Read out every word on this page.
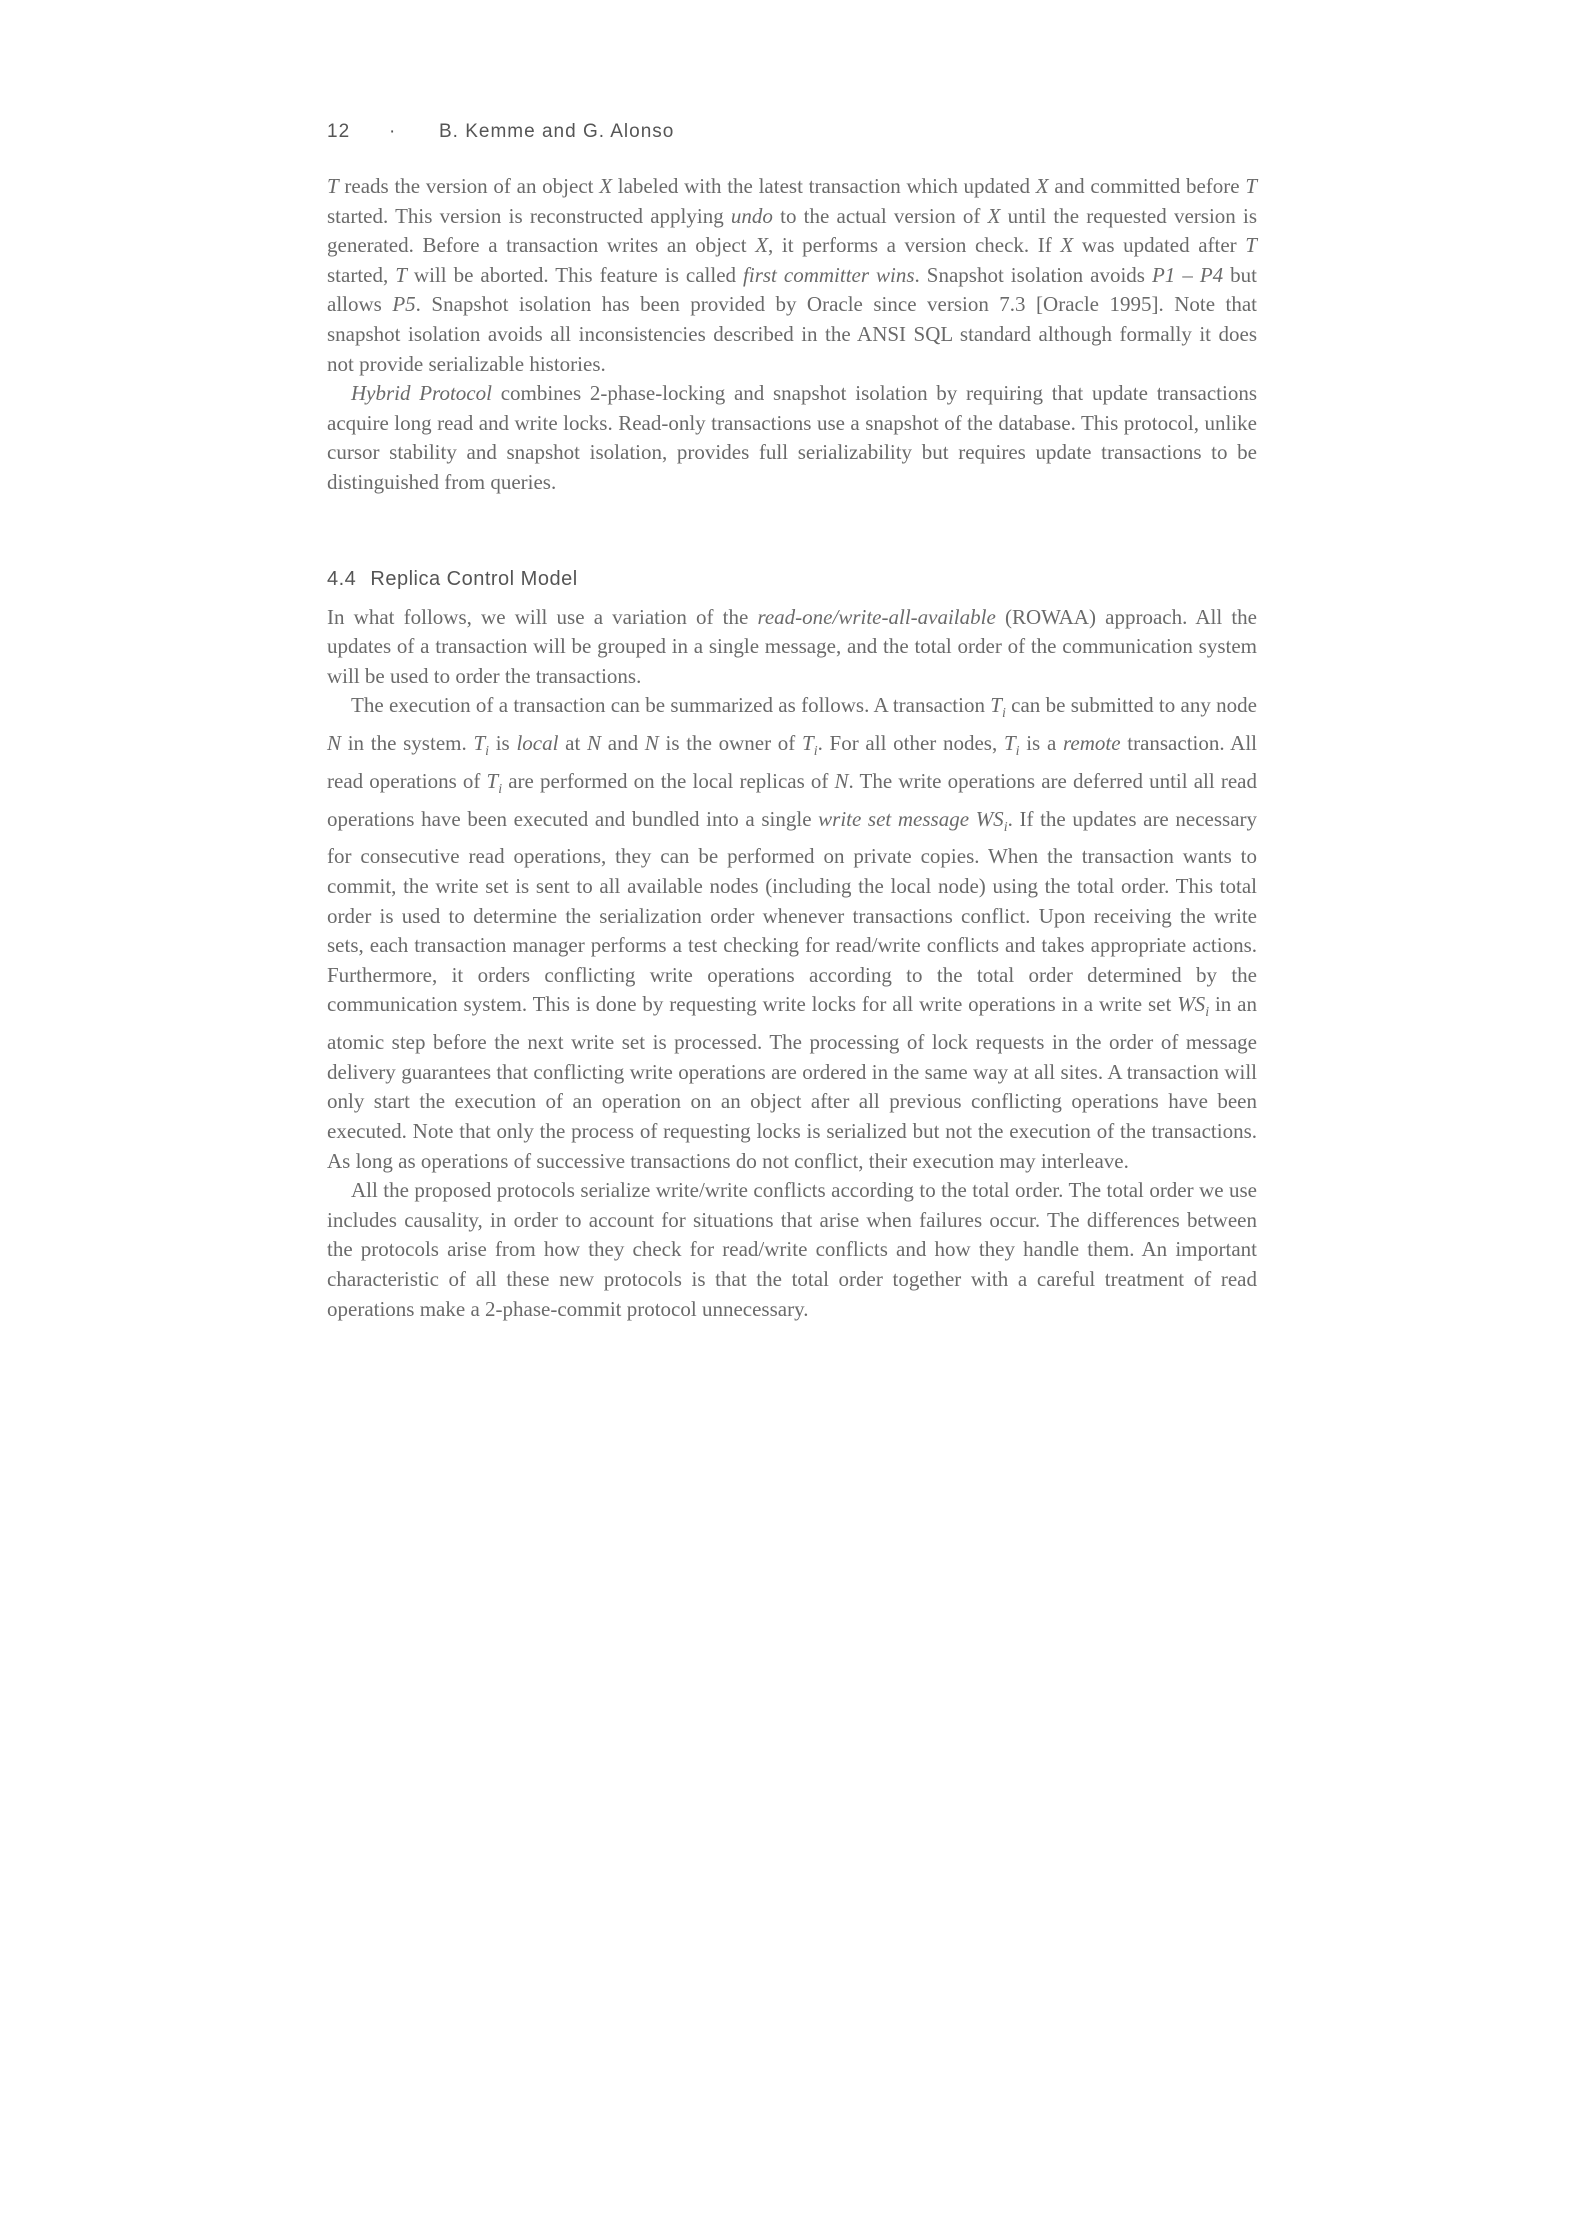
12	·	B. Kemme and G. Alonso

T reads the version of an object X labeled with the latest transaction which updated X and committed before T started. This version is reconstructed applying undo to the actual version of X until the requested version is generated. Before a transaction writes an object X, it performs a version check. If X was updated after T started, T will be aborted. This feature is called first committer wins. Snapshot isolation avoids P1 – P4 but allows P5. Snapshot isolation has been provided by Oracle since version 7.3 [Oracle 1995]. Note that snapshot isolation avoids all inconsistencies described in the ANSI SQL standard although formally it does not provide serializable histories.

Hybrid Protocol combines 2-phase-locking and snapshot isolation by requiring that update transactions acquire long read and write locks. Read-only transactions use a snapshot of the database. This protocol, unlike cursor stability and snapshot isolation, provides full serializability but requires update transactions to be distinguished from queries.

4.4 Replica Control Model

In what follows, we will use a variation of the read-one/write-all-available (ROWAA) approach. All the updates of a transaction will be grouped in a single message, and the total order of the communication system will be used to order the transactions.

The execution of a transaction can be summarized as follows. A transaction $T_i$ can be submitted to any node N in the system. $T_i$ is local at N and N is the owner of $T_i$. For all other nodes, $T_i$ is a remote transaction. All read operations of $T_i$ are performed on the local replicas of N. The write operations are deferred until all read operations have been executed and bundled into a single write set message $WS_i$. If the updates are necessary for consecutive read operations, they can be performed on private copies. When the transaction wants to commit, the write set is sent to all available nodes (including the local node) using the total order. This total order is used to determine the serialization order whenever transactions conflict. Upon receiving the write sets, each transaction manager performs a test checking for read/write conflicts and takes appropriate actions. Furthermore, it orders conflicting write operations according to the total order determined by the communication system. This is done by requesting write locks for all write operations in a write set $WS_i$ in an atomic step before the next write set is processed. The processing of lock requests in the order of message delivery guarantees that conflicting write operations are ordered in the same way at all sites. A transaction will only start the execution of an operation on an object after all previous conflicting operations have been executed. Note that only the process of requesting locks is serialized but not the execution of the transactions. As long as operations of successive transactions do not conflict, their execution may interleave.

All the proposed protocols serialize write/write conflicts according to the total order. The total order we use includes causality, in order to account for situations that arise when failures occur. The differences between the protocols arise from how they check for read/write conflicts and how they handle them. An important characteristic of all these new protocols is that the total order together with a careful treatment of read operations make a 2-phase-commit protocol unnecessary.
